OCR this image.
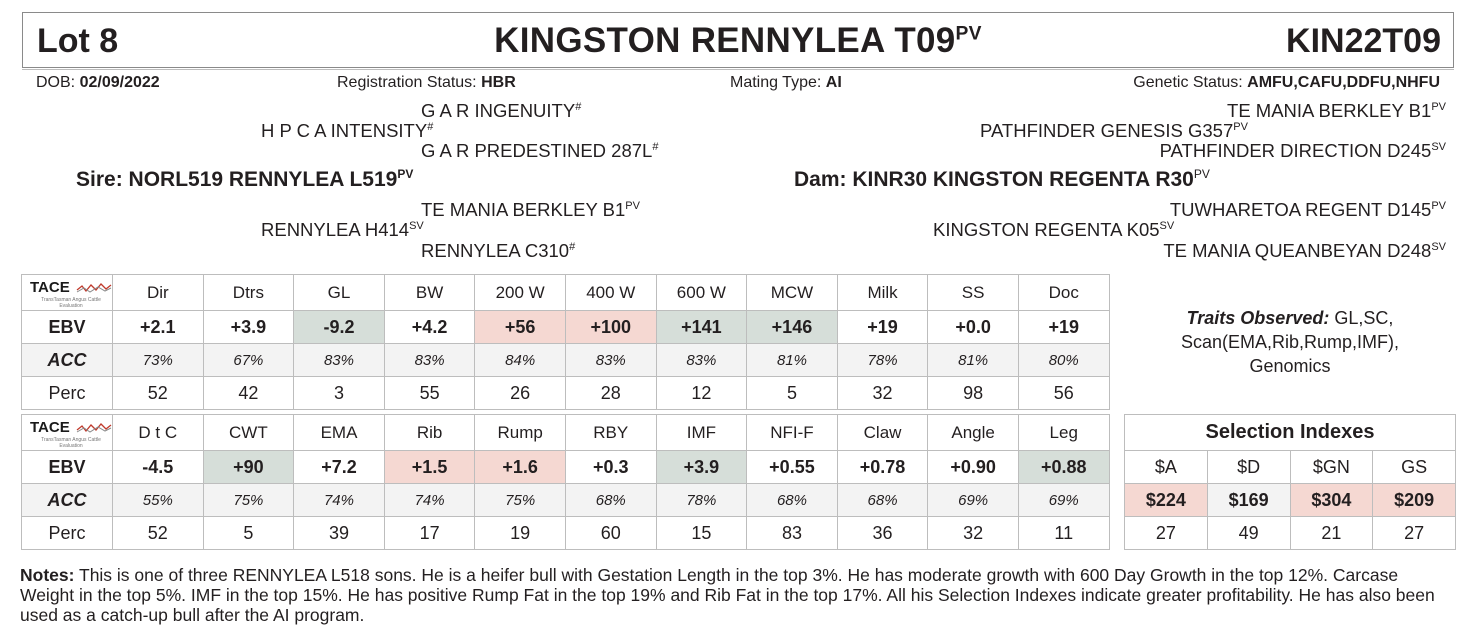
Lot 8	KINGSTON RENNYLEA $T09^{PV}$	KIN22T09
DOB: 02/09/2022	Registration Status: HBR	Mating Type: AI	Genetic Status: AMFU,CAFU,DDFU,NHFU
G A R INGENUITY#
H P C A INTENSITY#
G A R PREDESTINED 287L#
Sire: NORL519 RENNYLEA $L519^{PV}$
TE MANIA BERKLEY $B1^{PV}$
RENNYLEA $H414^{SV}$
RENNYLEA C310#
TE MANIA BERKLEY $B1^{PV}$
PATHFINDER GENESIS $G357^{PV}$
PATHFINDER DIRECTION $D245^{SV}$
Dam: KINR30 KINGSTON REGENTA $R30^{PV}$
TUWHARETOA REGENT $D145^{PV}$
KINGSTON REGENTA $K05^{SV}$
TE MANIA QUEANBEYAN $D248^{SV}$
TACE
TransTasman Angus Cattle Evaluation	Dir	Dtrs	GL	BW	200 W	400 W	600 W	MCW	Milk	SS	Doc
EBV	+2.1	+3.9	-9.2	+4.2	+56	+100	+141	+146	+19	+0.0	+19
ACC	73%	67%	83%	83%	84%	83%	83%	81%	78%	81%	80%
Perc	52	42	3	55	26	28	12	5	32	98	56
Traits Observed: GL,SC,
Scan(EMA,Rib,Rump,IMF),
Genomics
TACE
TransTasman Angus Cattle Evaluation	D t C	CWT	EMA	Rib	Rump	RBY	IMF	NFI-F	Claw	Angle	Leg
EBV	-4.5	+90	+7.2	+1.5	+1.6	+0.3	+3.9	+0.55	+0.78	+0.90	+0.88
ACC	55%	75%	74%	74%	75%	68%	78%	68%	68%	69%	69%
Perc	52	5	39	17	19	60	15	83	36	32	11
Selection Indexes			
$A	$D	$GN	GS
$224	$169	$304	$209
27	49	21	27
Notes: This is one of three RENNYLEA L518 sons. He is a heifer bull with Gestation Length in the top 3%. He has moderate growth with 600 Day Growth in the top 12%. Carcase Weight in the top 5%. IMF in the top 15%. He has positive Rump Fat in the top 19% and Rib Fat in the top 17%. All his Selection Indexes indicate greater profitability. He has also been used as a catch-up bull after the AI program.
